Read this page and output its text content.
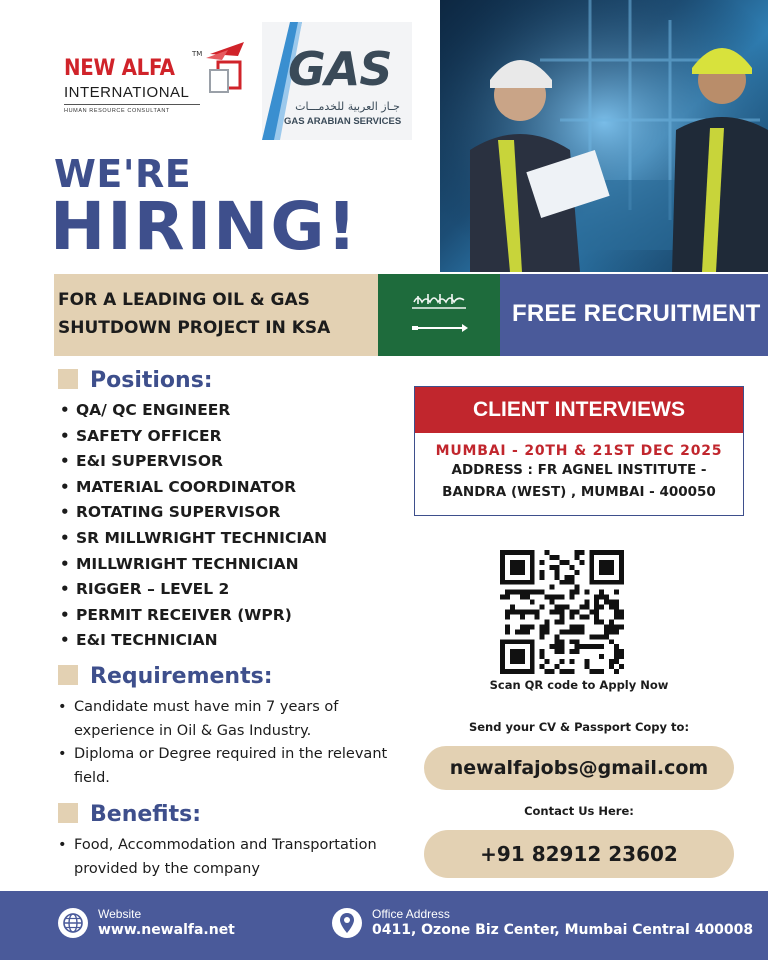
NEW ALFA
TM
INTERNATIONAL
HUMAN RESOURCE CONSULTANT
GAS
جـاز العربية للخدمـــات
GAS ARABIAN SERVICES
WE'RE
HIRING!
FOR A LEADING OIL & GAS
SHUTDOWN PROJECT IN KSA
FREE RECRUITMENT
Positions:
• QA/ QC ENGINEER
• SAFETY OFFICER
• E&I SUPERVISOR
• MATERIAL COORDINATOR
• ROTATING SUPERVISOR
• SR MILLWRIGHT TECHNICIAN
• MILLWRIGHT TECHNICIAN
• RIGGER – LEVEL 2
• PERMIT RECEIVER (WPR)
• E&I TECHNICIAN
Requirements:
• Candidate must have min 7 years of experience in Oil & Gas Industry.
• Diploma or Degree required in the relevant field.
Benefits:
• Food, Accommodation and Transportation provided by the company
CLIENT INTERVIEWS
MUMBAI - 20TH & 21ST DEC 2025
ADDRESS : FR AGNEL INSTITUTE -
BANDRA (WEST) , MUMBAI - 400050
Scan QR code to Apply Now
Send your CV & Passport Copy to:
newalfajobs@gmail.com
Contact Us Here:
+91 82912 23602
Website
www.newalfa.net
Office Address
0411, Ozone Biz Center, Mumbai Central 400008
